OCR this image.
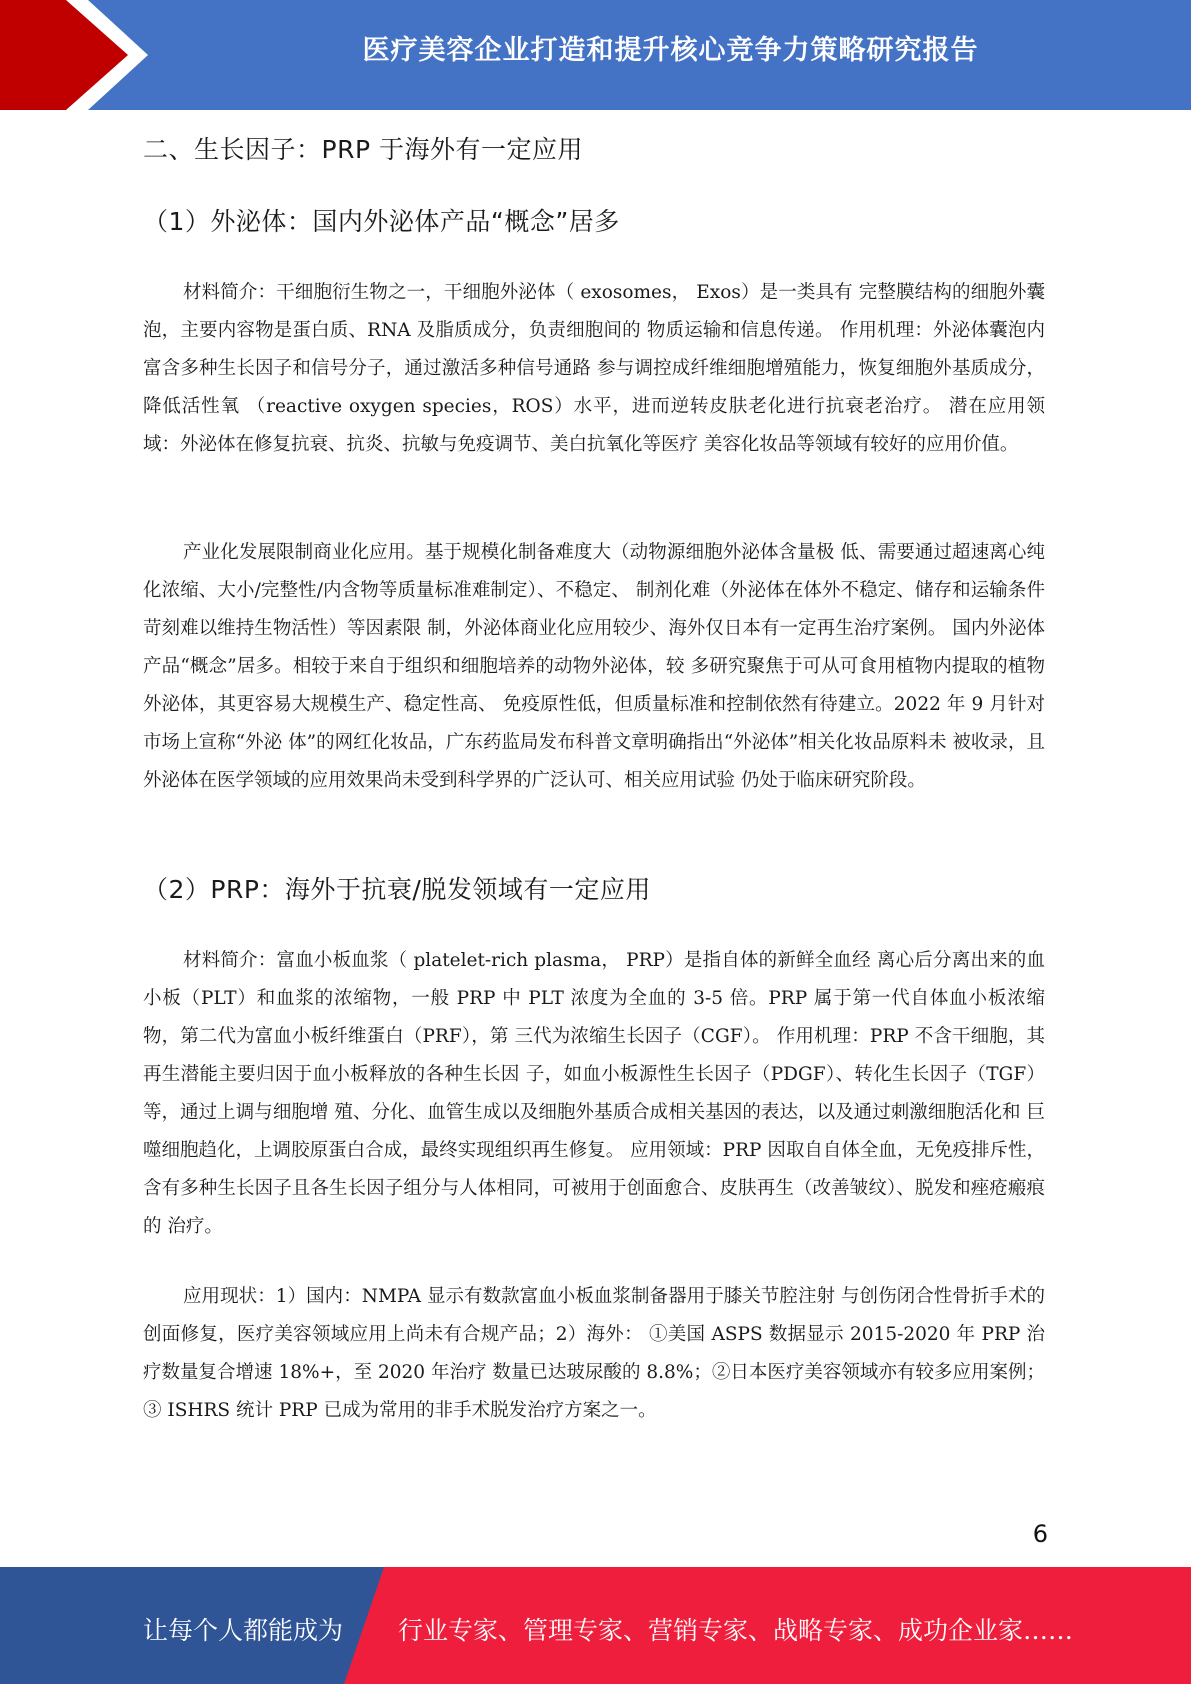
医疗美容企业打造和提升核心竞争力策略研究报告
二、生长因子：PRP 于海外有一定应用
（1）外泌体：国内外泌体产品“概念”居多

材料简介：干细胞衍生物之一，干细胞外泌体（ exosomes， Exos）是一类具有 完整膜结构的细胞外囊泡，主要内容物是蛋白质、RNA 及脂质成分，负责细胞间的 物质运输和信息传递。 作用机理：外泌体囊泡内富含多种生长因子和信号分子，通过激活多种信号通路 参与调控成纤维细胞增殖能力，恢复细胞外基质成分，降低活性氧 （reactive oxygen species，ROS）水平，进而逆转皮肤老化进行抗衰老治疗。 潜在应用领域：外泌体在修复抗衰、抗炎、抗敏与免疫调节、美白抗氧化等医疗 美容化妆品等领域有较好的应用价值。

产业化发展限制商业化应用。基于规模化制备难度大（动物源细胞外泌体含量极 低、需要通过超速离心纯化浓缩、大小/完整性/内含物等质量标准难制定）、不稳定、 制剂化难（外泌体在体外不稳定、储存和运输条件苛刻难以维持生物活性）等因素限 制，外泌体商业化应用较少、海外仅日本有一定再生治疗案例。 国内外泌体产品“概念”居多。相较于来自于组织和细胞培养的动物外泌体，较 多研究聚焦于可从可食用植物内提取的植物外泌体，其更容易大规模生产、稳定性高、 免疫原性低，但质量标准和控制依然有待建立。2022 年 9 月针对市场上宣称“外泌 体”的网红化妆品，广东药监局发布科普文章明确指出“外泌体”相关化妆品原料未 被收录，且外泌体在医学领域的应用效果尚未受到科学界的广泛认可、相关应用试验 仍处于临床研究阶段。

（2）PRP：海外于抗衰/脱发领域有一定应用

材料简介：富血小板血浆（ platelet-rich plasma， PRP）是指自体的新鲜全血经 离心后分离出来的血小板（PLT）和血浆的浓缩物，一般 PRP 中 PLT 浓度为全血的 3-5 倍。PRP 属于第一代自体血小板浓缩物，第二代为富血小板纤维蛋白（PRF），第 三代为浓缩生长因子（CGF）。 作用机理：PRP 不含干细胞，其再生潜能主要归因于血小板释放的各种生长因 子，如血小板源性生长因子（PDGF）、转化生长因子（TGF）等，通过上调与细胞增 殖、分化、血管生成以及细胞外基质合成相关基因的表达，以及通过刺激细胞活化和 巨噬细胞趋化，上调胶原蛋白合成，最终实现组织再生修复。 应用领域：PRP 因取自自体全血，无免疫排斥性，含有多种生长因子且各生长因子组分与人体相同，可被用于创面愈合、皮肤再生（改善皱纹）、脱发和痤疮瘢痕的 治疗。

应用现状：1）国内：NMPA 显示有数款富血小板血浆制备器用于膝关节腔注射 与创伤闭合性骨折手术的创面修复，医疗美容领域应用上尚未有合规产品；2）海外： ①美国 ASPS 数据显示 2015-2020 年 PRP 治疗数量复合增速 18%+，至 2020 年治疗 数量已达玻尿酸的 8.8%；②日本医疗美容领域亦有较多应用案例；③ ISHRS 统计 PRP 已成为常用的非手术脱发治疗方案之一。

6
让每个人都能成为 行业专家、管理专家、营销专家、战略专家、成功企业家……
